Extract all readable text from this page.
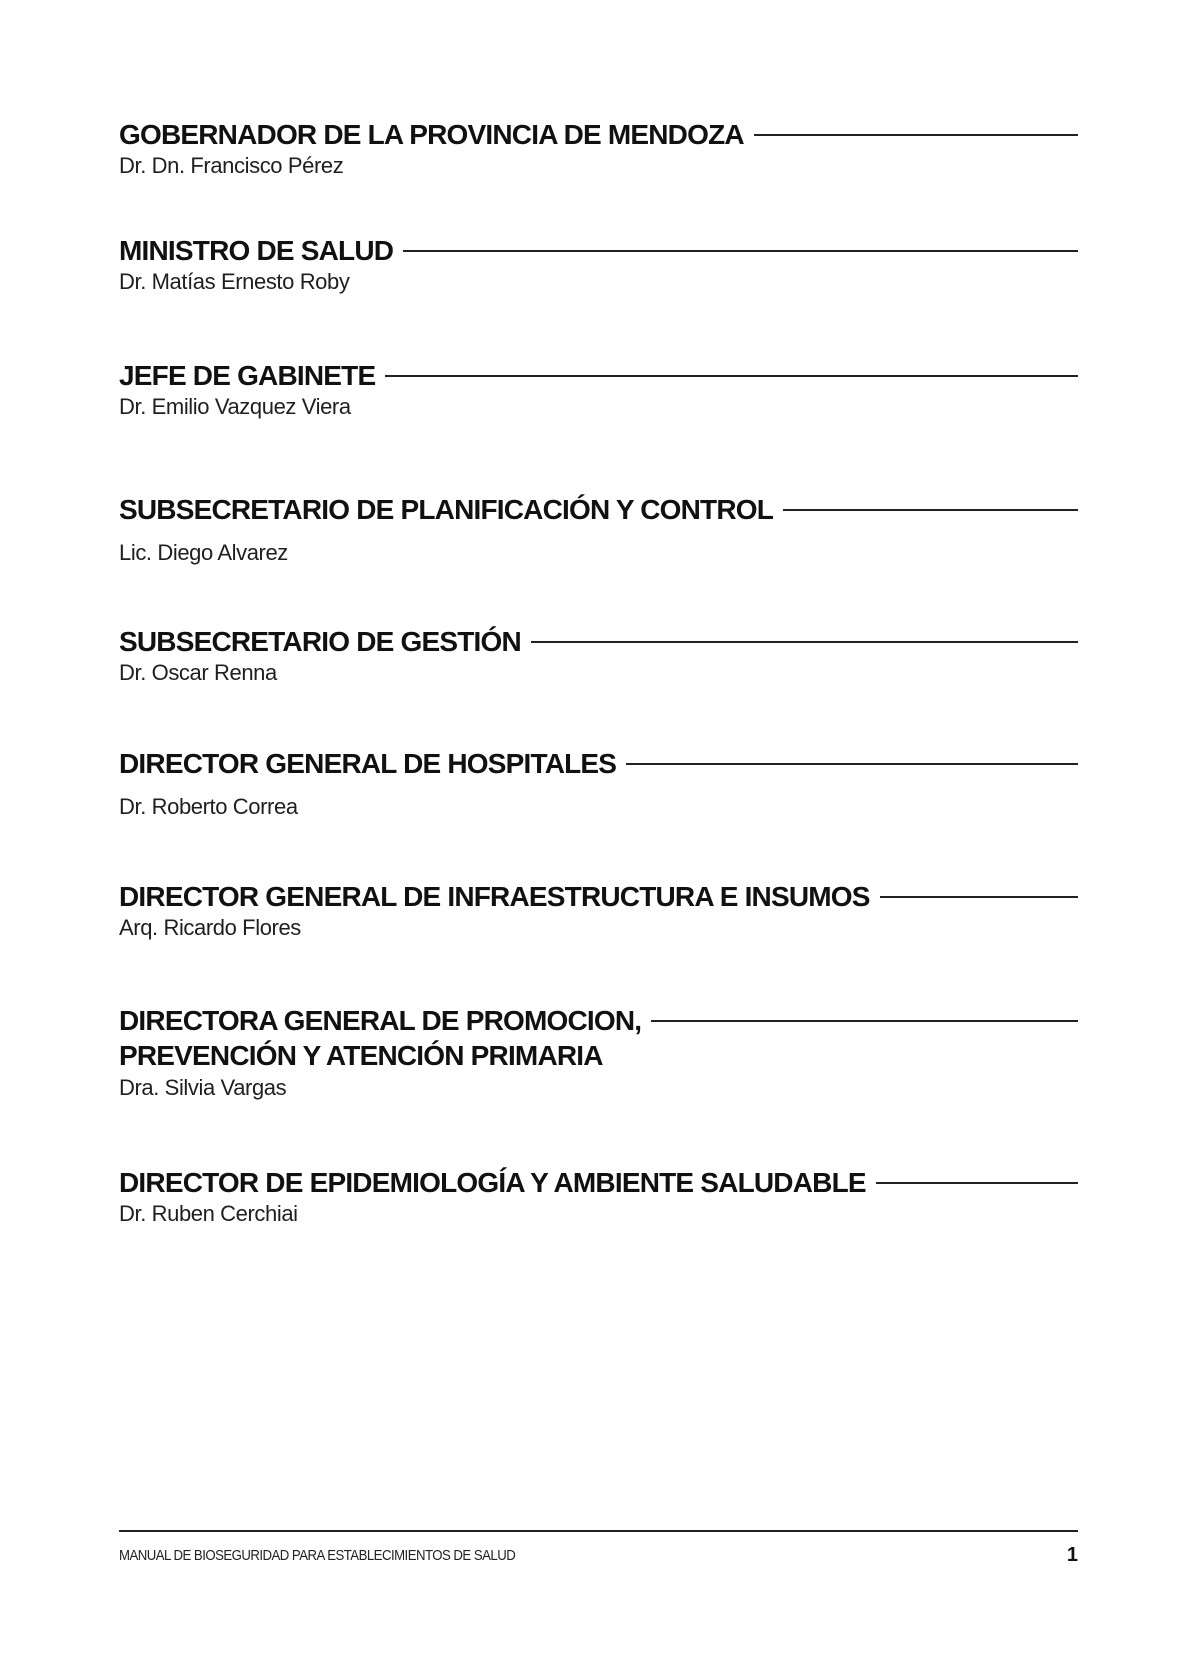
GOBERNADOR DE LA PROVINCIA DE MENDOZA
Dr. Dn. Francisco Pérez
MINISTRO DE SALUD
Dr. Matías Ernesto Roby
JEFE DE GABINETE
Dr. Emilio Vazquez Viera
SUBSECRETARIO DE PLANIFICACIÓN Y CONTROL
Lic. Diego Alvarez
SUBSECRETARIO DE GESTIÓN
Dr. Oscar Renna
DIRECTOR GENERAL DE HOSPITALES
Dr. Roberto Correa
DIRECTOR GENERAL DE INFRAESTRUCTURA E INSUMOS
Arq. Ricardo Flores
DIRECTORA GENERAL DE PROMOCION,
PREVENCIÓN Y ATENCIÓN PRIMARIA
Dra. Silvia Vargas
DIRECTOR DE EPIDEMIOLOGÍA Y AMBIENTE SALUDABLE
Dr. Ruben Cerchiai
MANUAL DE BIOSEGURIDAD PARA ESTABLECIMIENTOS DE SALUD	1
